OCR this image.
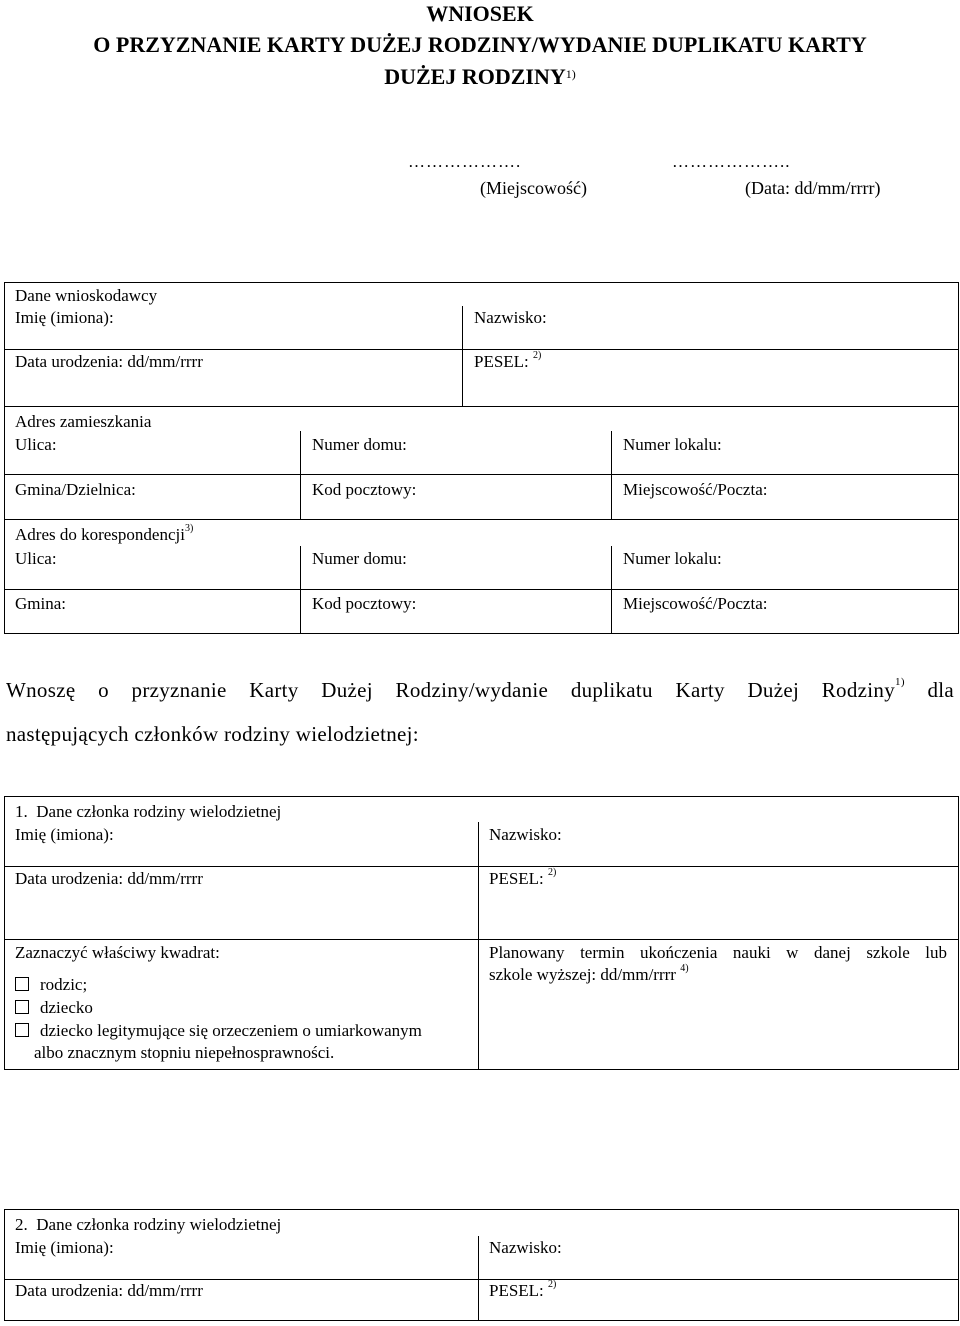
WNIOSEK
O PRZYZNANIE KARTY DUŻEJ RODZINY/WYDANIE DUPLIKATU KARTY
DUŻEJ RODZINY$^{1)}$
……………….	………………..
(Miejscowość)	(Data: dd/mm/rrrr)
Dane wnioskodawcy
Imię (imiona):	Nazwisko:
Data urodzenia: dd/mm/rrrr	PESEL: $^{2)}$
Adres zamieszkania
Ulica:	Numer domu:	Numer lokalu:
Gmina/Dzielnica:	Kod pocztowy:	Miejscowość/Poczta:
Adres do korespondencji$^{3)}$
Ulica:	Numer domu:	Numer lokalu:
Gmina:	Kod pocztowy:	Miejscowość/Poczta:
Wnoszę o przyznanie Karty Dużej Rodziny/wydanie duplikatu Karty Dużej Rodziny$^{1)}$ dla
następujących członków rodziny wielodzietnej:
1. Dane członka rodziny wielodzietnej
Imię (imiona):	Nazwisko:
Data urodzenia: dd/mm/rrrr	PESEL: $^{2)}$
Zaznaczyć właściwy kwadrat:
rodzic;
dziecko
dziecko legitymujące się orzeczeniem o umiarkowanym
albo znacznym stopniu niepełnosprawności.
Planowany termin ukończenia nauki w danej szkole lub
szkole wyższej: dd/mm/rrrr $^{4)}$
2. Dane członka rodziny wielodzietnej
Imię (imiona):	Nazwisko:
Data urodzenia: dd/mm/rrrr	PESEL: $^{2)}$
